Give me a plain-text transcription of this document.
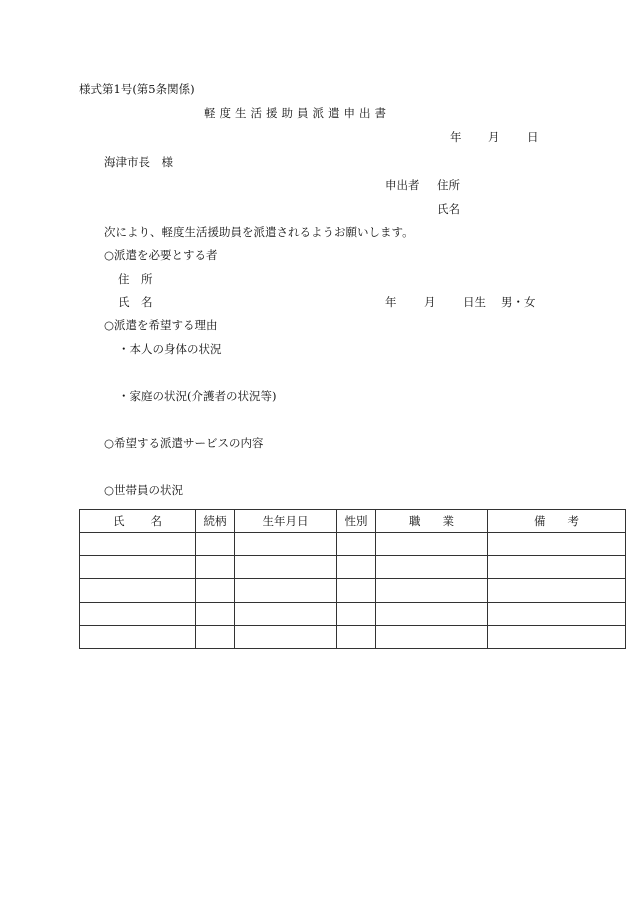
様式第1号(第5条関係)
軽度生活援助員派遣申出書
年 月 日
海津市長　様
申出者 住所
氏名
次により、軽度生活援助員を派遣されるようお願いします。
○派遣を必要とする者
住　所
氏　名	年 月 日生 男・女
○派遣を希望する理由
・本人の身体の状況
・家庭の状況(介護者の状況等)
○希望する派遣サービスの内容
○世帯員の状況
氏名	続柄	生年月日	性別	職業	備考
